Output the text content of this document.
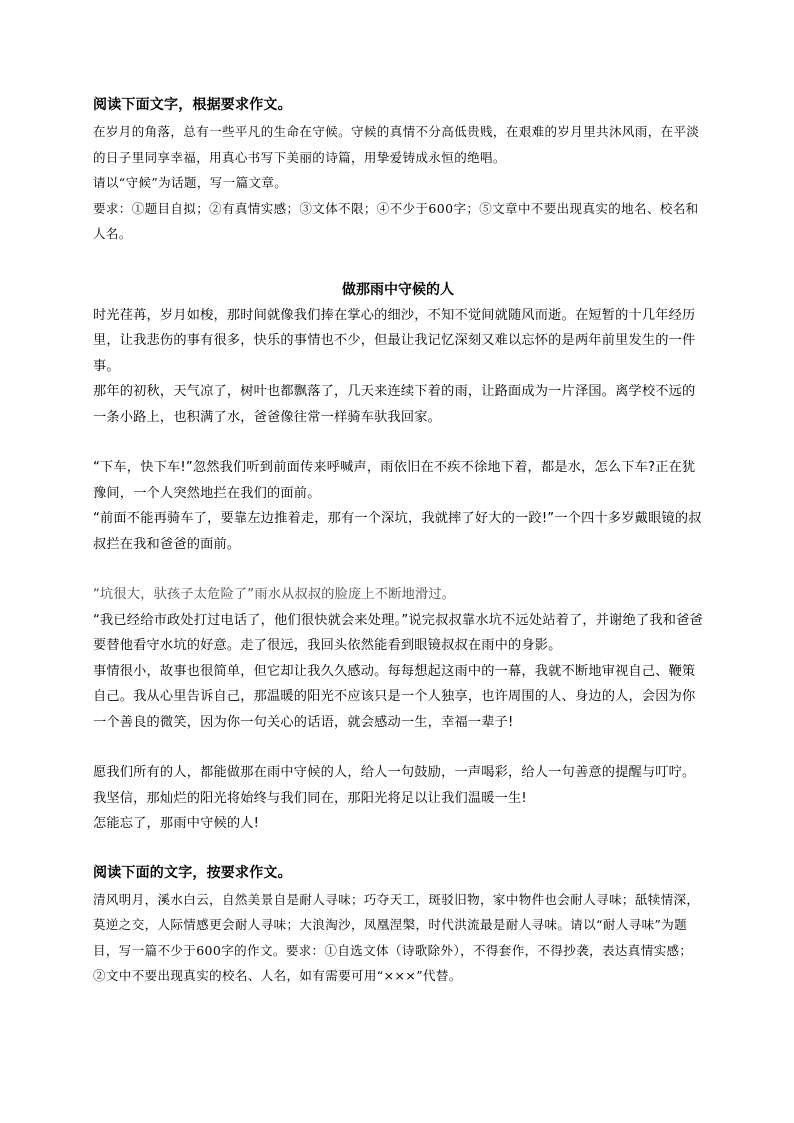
阅读下面文字，根据要求作文。

在岁月的角落，总有一些平凡的生命在守候。守候的真情不分高低贵贱，在艰难的岁月里共沐风雨，在平淡的日子里同享幸福，用真心书写下美丽的诗篇，用挚爱铸成永恒的绝唱。

请以“守候”为话题，写一篇文章。

要求：①题目自拟；②有真情实感；③文体不限；④不少于600字；⑤文章中不要出现真实的地名、校名和人名。

做那雨中守候的人

时光荏苒，岁月如梭，那时间就像我们捧在掌心的细沙，不知不觉间就随风而逝。在短暂的十几年经历里，让我悲伤的事有很多，快乐的事情也不少，但最让我记忆深刻又难以忘怀的是两年前里发生的一件事。

那年的初秋，天气凉了，树叶也都飘落了，几天来连续下着的雨，让路面成为一片泽国。离学校不远的一条小路上，也积满了水，爸爸像往常一样骑车驮我回家。

“下车，快下车!”忽然我们听到前面传来呼喊声，雨依旧在不疾不徐地下着，都是水，怎么下车?正在犹豫间，一个人突然地拦在我们的面前。

“前面不能再骑车了，要靠左边推着走，那有一个深坑，我就摔了好大的一跤!”一个四十多岁戴眼镜的叔叔拦在我和爸爸的面前。

“坑很大，驮孩子太危险了”雨水从叔叔的脸庞上不断地滑过。

“我已经给市政处打过电话了，他们很快就会来处理。”说完叔叔靠水坑不远处站着了，并谢绝了我和爸爸要替他看守水坑的好意。走了很远，我回头依然能看到眼镜叔叔在雨中的身影。

事情很小，故事也很简单，但它却让我久久感动。每每想起这雨中的一幕，我就不断地审视自己、鞭策自己。我从心里告诉自己，那温暖的阳光不应该只是一个人独享，也许周围的人、身边的人，会因为你一个善良的微笑，因为你一句关心的话语，就会感动一生，幸福一辈子!

愿我们所有的人，都能做那在雨中守候的人，给人一句鼓励，一声喝彩，给人一句善意的提醒与叮咛。我坚信，那灿烂的阳光将始终与我们同在，那阳光将足以让我们温暖一生!

怎能忘了，那雨中守候的人!

阅读下面的文字，按要求作文。

清风明月，溪水白云，自然美景自是耐人寻味；巧夺天工，斑驳旧物，家中物件也会耐人寻味；舐犊情深，莫逆之交，人际情感更会耐人寻味；大浪淘沙，凤凰涅槃，时代洪流最是耐人寻味。请以“耐人寻味”为题目，写一篇不少于600字的作文。要求：①自选文体（诗歌除外），不得套作，不得抄袭，表达真情实感；②文中不要出现真实的校名、人名，如有需要可用“×××”代替。
